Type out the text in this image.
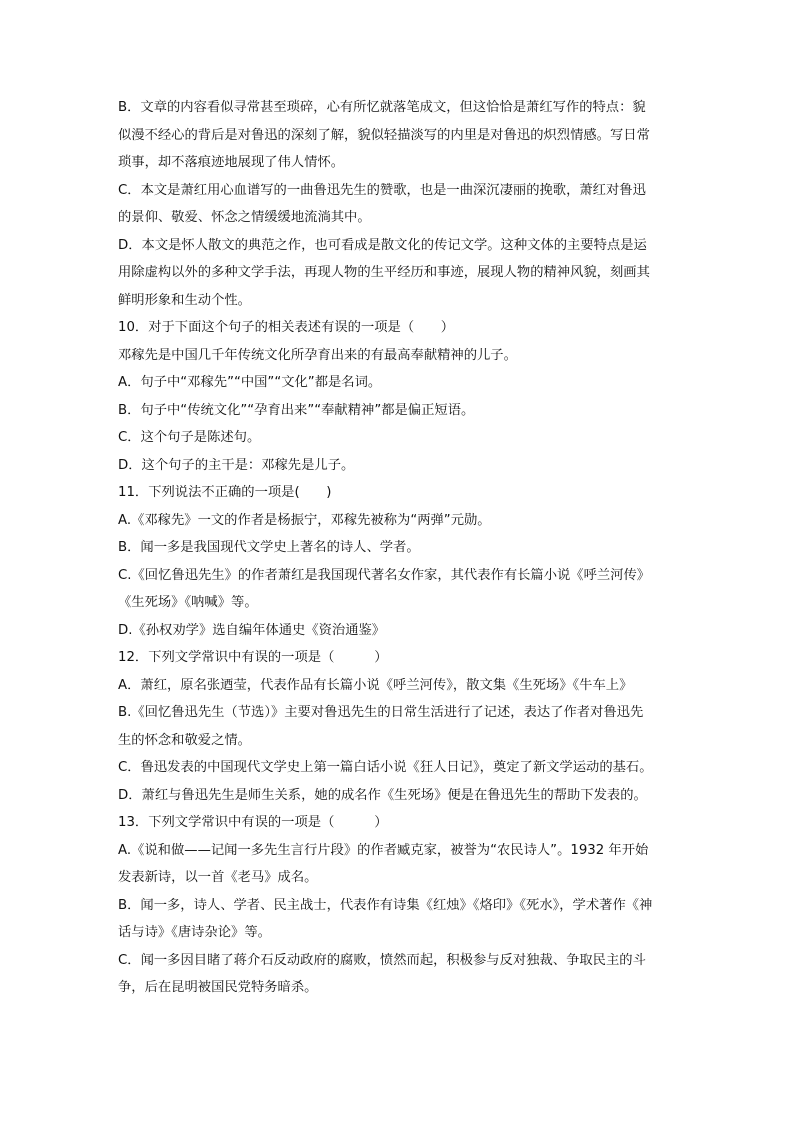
B．文章的内容看似寻常甚至琐碎，心有所忆就落笔成文，但这恰恰是萧红写作的特点：貌

似漫不经心的背后是对鲁迅的深刻了解，貌似轻描淡写的内里是对鲁迅的炽烈情感。写日常

琐事，却不落痕迹地展现了伟人情怀。

C．本文是萧红用心血谱写的一曲鲁迅先生的赞歌，也是一曲深沉凄丽的挽歌，萧红对鲁迅

的景仰、敬爱、怀念之情缓缓地流淌其中。

D．本文是怀人散文的典范之作，也可看成是散文化的传记文学。这种文体的主要特点是运

用除虚构以外的多种文学手法，再现人物的生平经历和事迹，展现人物的精神风貌，刻画其

鲜明形象和生动个性。

10．对于下面这个句子的相关表述有误的一项是（　　）

邓稼先是中国几千年传统文化所孕育出来的有最高奉献精神的儿子。

A．句子中“邓稼先”“中国”“文化”都是名词。

B．句子中“传统文化”“孕育出来”“奉献精神”都是偏正短语。

C．这个句子是陈述句。

D．这个句子的主干是：邓稼先是儿子。

11．下列说法不正确的一项是(　　)

A.《邓稼先》一文的作者是杨振宁，邓稼先被称为“两弹”元勋。

B．闻一多是我国现代文学史上著名的诗人、学者。

C.《回忆鲁迅先生》的作者萧红是我国现代著名女作家，其代表作有长篇小说《呼兰河传》

《生死场》《呐喊》等。

D.《孙权劝学》选自编年体通史《资治通鉴》

12．下列文学常识中有误的一项是（　　　）

A．萧红，原名张迺莹，代表作品有长篇小说《呼兰河传》，散文集《生死场》《牛车上》

B.《回忆鲁迅先生（节选）》主要对鲁迅先生的日常生活进行了记述，表达了作者对鲁迅先

生的怀念和敬爱之情。

C．鲁迅发表的中国现代文学史上第一篇白话小说《狂人日记》，奠定了新文学运动的基石。

D．萧红与鲁迅先生是师生关系，她的成名作《生死场》便是在鲁迅先生的帮助下发表的。

13．下列文学常识中有误的一项是（　　　）

A.《说和做——记闻一多先生言行片段》的作者臧克家，被誉为“农民诗人”。1932 年开始

发表新诗，以一首《老马》成名。

B．闻一多，诗人、学者、民主战士，代表作有诗集《红烛》《烙印》《死水》，学术著作《神

话与诗》《唐诗杂论》等。

C．闻一多因目睹了蒋介石反动政府的腐败，愤然而起，积极参与反对独裁、争取民主的斗

争，后在昆明被国民党特务暗杀。
